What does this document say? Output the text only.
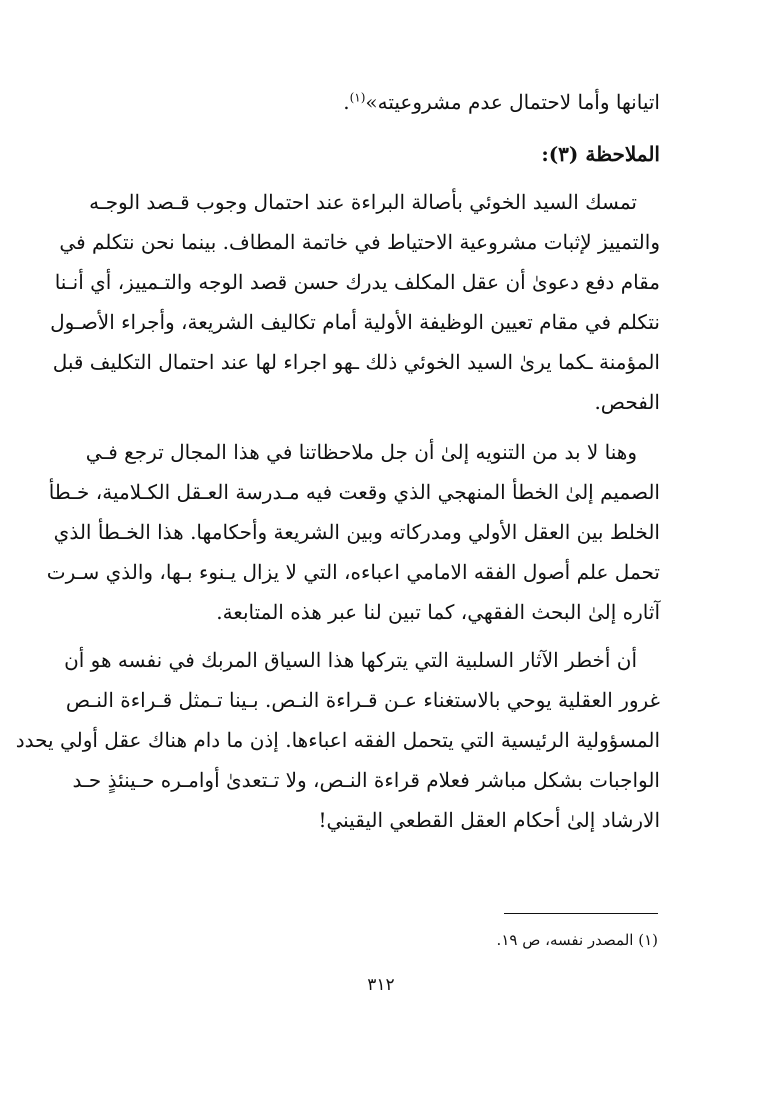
اتيانها وأما لاحتمال عدم مشروعيته»$^{(١)}$.
الملاحظة (٣):
تمسك السيد الخوئي بأصالة البراءة عند احتمال وجوب قـصد الوجـه
والتمييز لإثبات مشروعية الاحتياط في خاتمة المطاف. بينما نحن نتكلم في
مقام دفع دعوىٰ أن عقل المكلف يدرك حسن قصد الوجه والتـمييز، أي أنـنا
نتكلم في مقام تعيين الوظيفة الأولية أمام تكاليف الشريعة، وأجراء الأصـول
المؤمنة ـكما يرىٰ السيد الخوئي ذلك ـهو اجراء لها عند احتمال التكليف قبل
الفحص.
وهنا لا بد من التنويه إلىٰ أن جل ملاحظاتنا في هذا المجال ترجع فـي
الصميم إلىٰ الخطأ المنهجي الذي وقعت فيه مـدرسة العـقل الكـلامية، خـطأ
الخلط بين العقل الأولي ومدركاته وبين الشريعة وأحكامها. هذا الخـطأ الذي
تحمل علم أصول الفقه الامامي اعباءه، التي لا يزال يـنوء بـها، والذي سـرت
آثاره إلىٰ البحث الفقهي، كما تبين لنا عبر هذه المتابعة.
أن أخطر الآثار السلبية التي يتركها هذا السياق المربك في نفسه هو أن
غرور العقلية يوحي بالاستغناء عـن قـراءة النـص. بـينا تـمثل قـراءة النـص
المسؤولية الرئيسية التي يتحمل الفقه اعباءها. إذن ما دام هناك عقل أولي يحدد
الواجبات بشكل مباشر فعلام قراءة النـص، ولا تـتعدىٰ أوامـره حـينئذٍ حـد
الارشاد إلىٰ أحكام العقل القطعي اليقيني!
(١) المصدر نفسه، ص ١٩.
٣١٢
